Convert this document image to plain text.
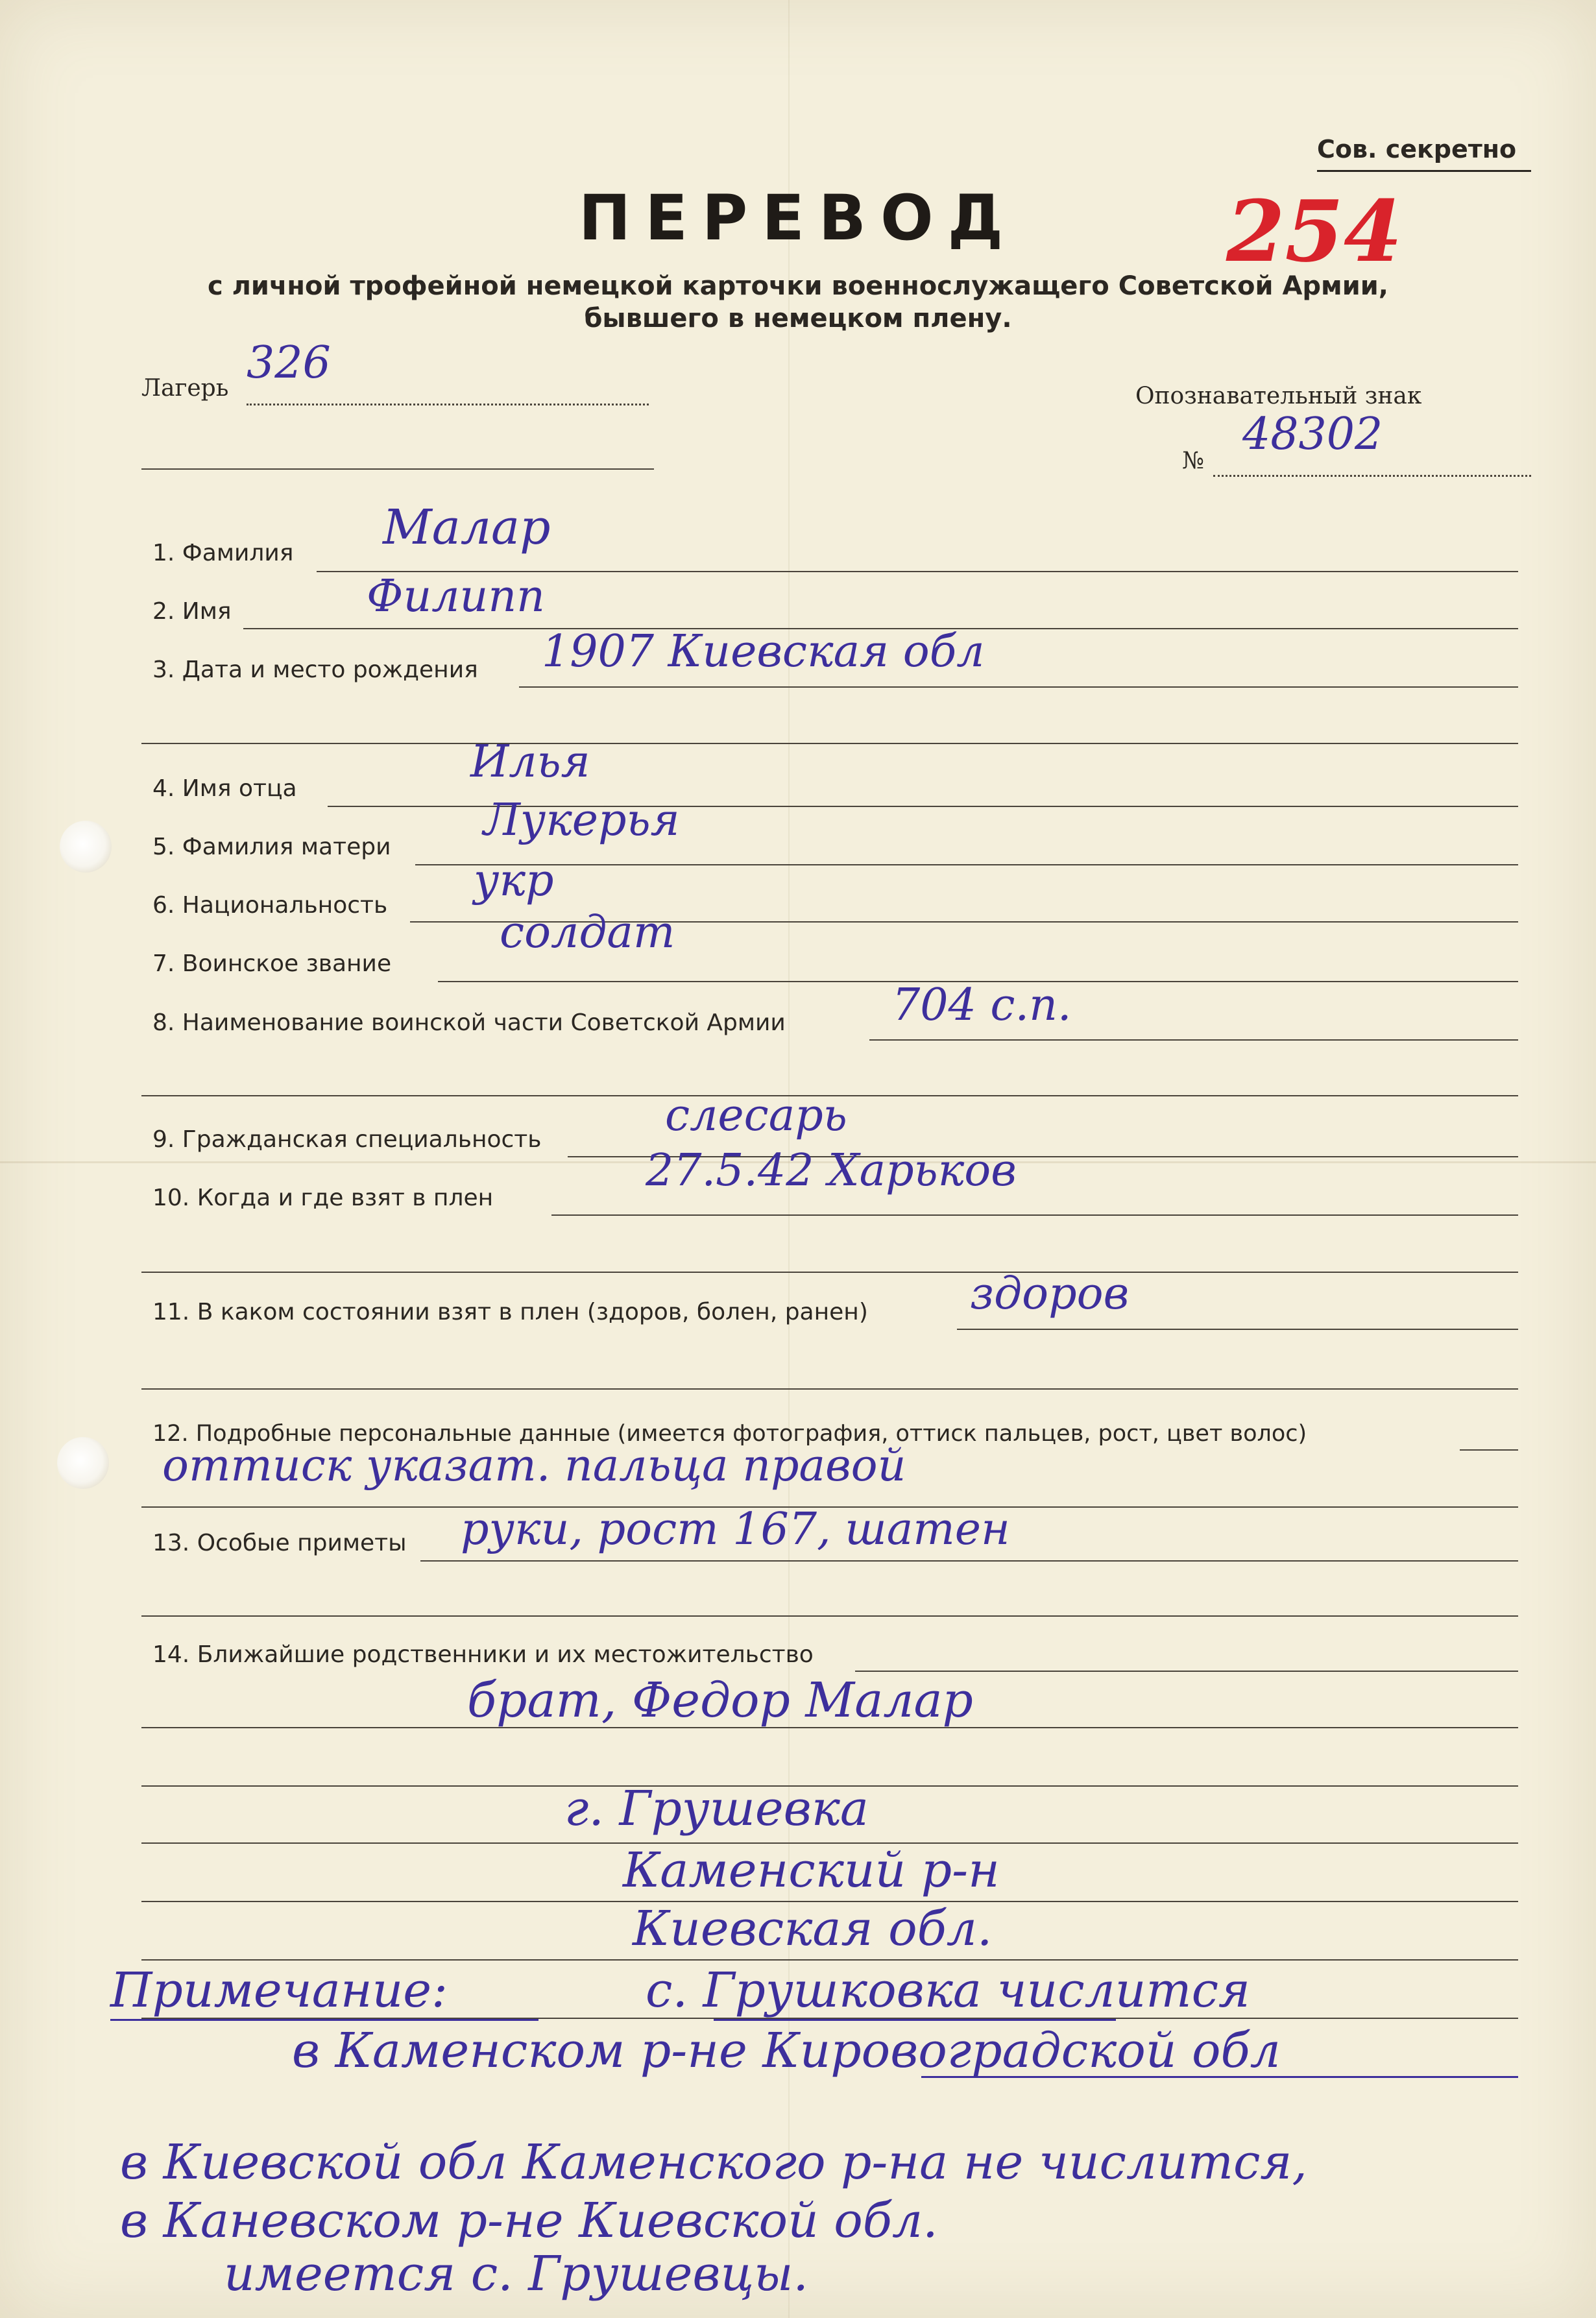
Сов. секретно
ПЕРЕВОД	254
с личной трофейной немецкой карточки военнослужащего Советской Армии,
бывшего в немецком плену.
Лагерь 326
Опознавательный знак
№
48302
1. Фамилия Малар
2. Имя	Филипп
3. Дата и место рождения 1907 Киевская обл
4. Имя отца
Илья
5. Фамилия матери
Лукерья
6. Национальность укр
7. Воинское звание
солдат
8. Наименование воинской части Советской Армии 704 с.п.
9. Гражданская специальность	слесарь
10. Когда и где взят в плен
27.5.42 Харьков
11. В каком состоянии взят в плен (здоров, болен, ранен) здоров
12. Подробные персональные данные (имеется фотография, оттиск пальцев, рост, цвет волос)
оттиск указат. пальца правой
13. Особые приметы руки, рост 167, шатен
14. Ближайшие родственники и их местожительство
брат, Федор Малар
г. Грушевка
Каменский р-н
Киевская обл.
Примечание:	с. Грушковка числится
в Каменском р-не Кировоградской обл
в Киевской обл Каменского р-на не числится,
в Каневском р-не Киевской обл.
имеется с. Грушевцы.
